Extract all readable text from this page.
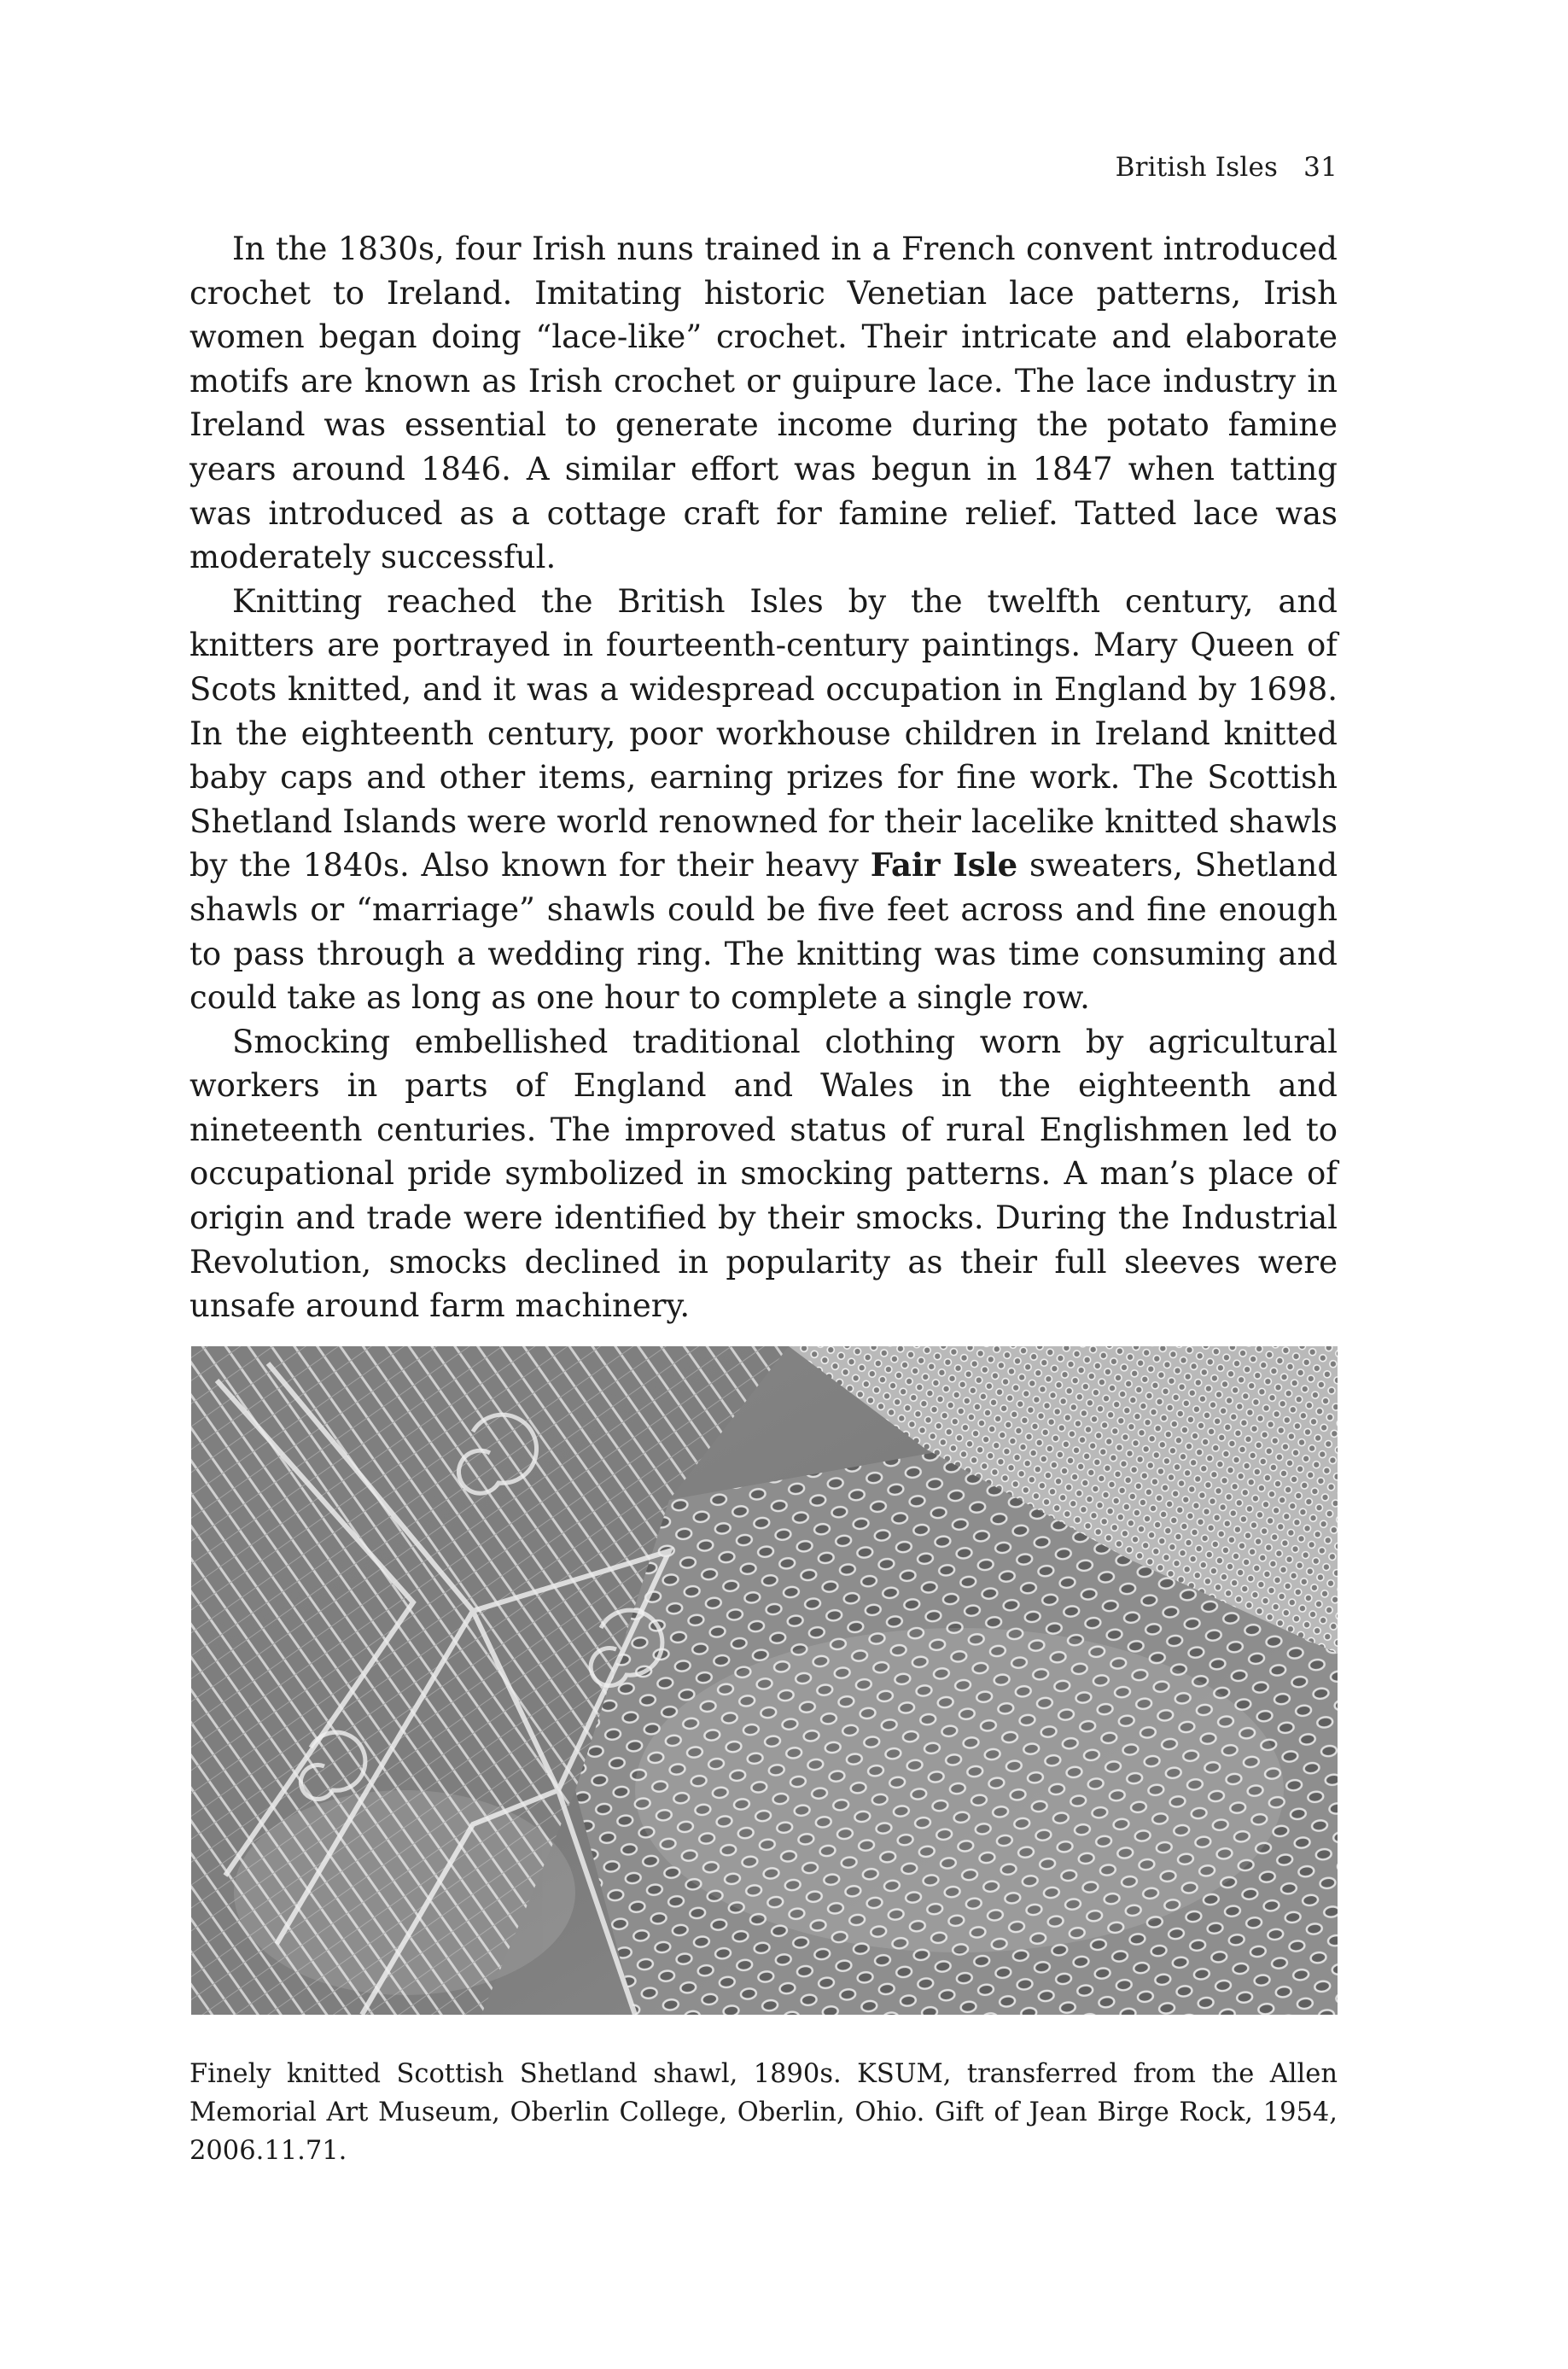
British Isles 31

In the 1830s, four Irish nuns trained in a French convent introduced crochet to Ireland. Imitating historic Venetian lace patterns, Irish women began doing “lace-like” crochet. Their intricate and elaborate motifs are known as Irish crochet or guipure lace. The lace industry in Ireland was essential to generate income during the potato famine years around 1846. A similar effort was begun in 1847 when tatting was introduced as a cottage craft for famine relief. Tatted lace was moderately successful.

Knitting reached the British Isles by the twelfth century, and knitters are portrayed in fourteenth-century paintings. Mary Queen of Scots knitted, and it was a widespread occupation in England by 1698. In the eighteenth century, poor workhouse children in Ireland knitted baby caps and other items, earning prizes for fine work. The Scottish Shetland Islands were world renowned for their lacelike knitted shawls by the 1840s. Also known for their heavy Fair Isle sweaters, Shetland shawls or “marriage” shawls could be five feet across and fine enough to pass through a wedding ring. The knitting was time consuming and could take as long as one hour to complete a single row.

Smocking embellished traditional clothing worn by agricultural workers in parts of England and Wales in the eighteenth and nineteenth centuries. The improved status of rural Englishmen led to occupational pride symbolized in smocking patterns. A man’s place of origin and trade were identified by their smocks. During the Industrial Revolution, smocks declined in popularity as their full sleeves were unsafe around farm machinery.

Finely knitted Scottish Shetland shawl, 1890s. KSUM, transferred from the Allen Memorial Art Museum, Oberlin College, Oberlin, Ohio. Gift of Jean Birge Rock, 1954, 2006.11.71.
